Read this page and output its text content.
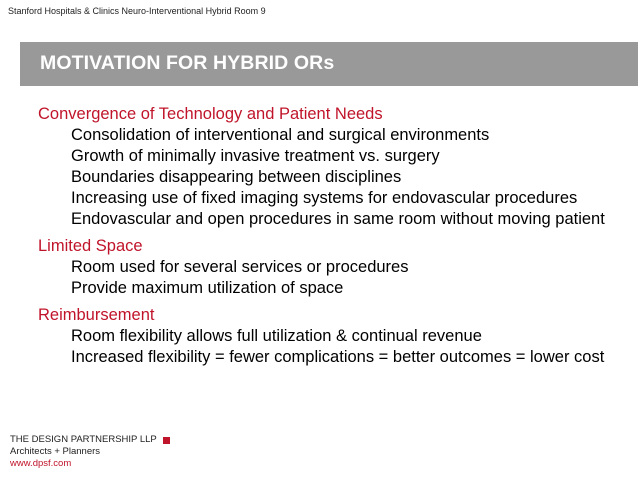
Stanford Hospitals & Clinics Neuro-Interventional Hybrid Room 9
MOTIVATION FOR HYBRID ORs
Convergence of Technology and Patient Needs
Consolidation of interventional and surgical environments
Growth of minimally invasive treatment vs. surgery
Boundaries disappearing between disciplines
Increasing use of fixed imaging systems for endovascular procedures
Endovascular and open procedures in same room without moving patient
Limited Space
Room used for several services or procedures
Provide maximum utilization of space
Reimbursement
Room flexibility allows full utilization & continual revenue
Increased flexibility = fewer complications = better outcomes = lower cost
THE DESIGN PARTNERSHIP LLP
Architects + Planners
www.dpsf.com
